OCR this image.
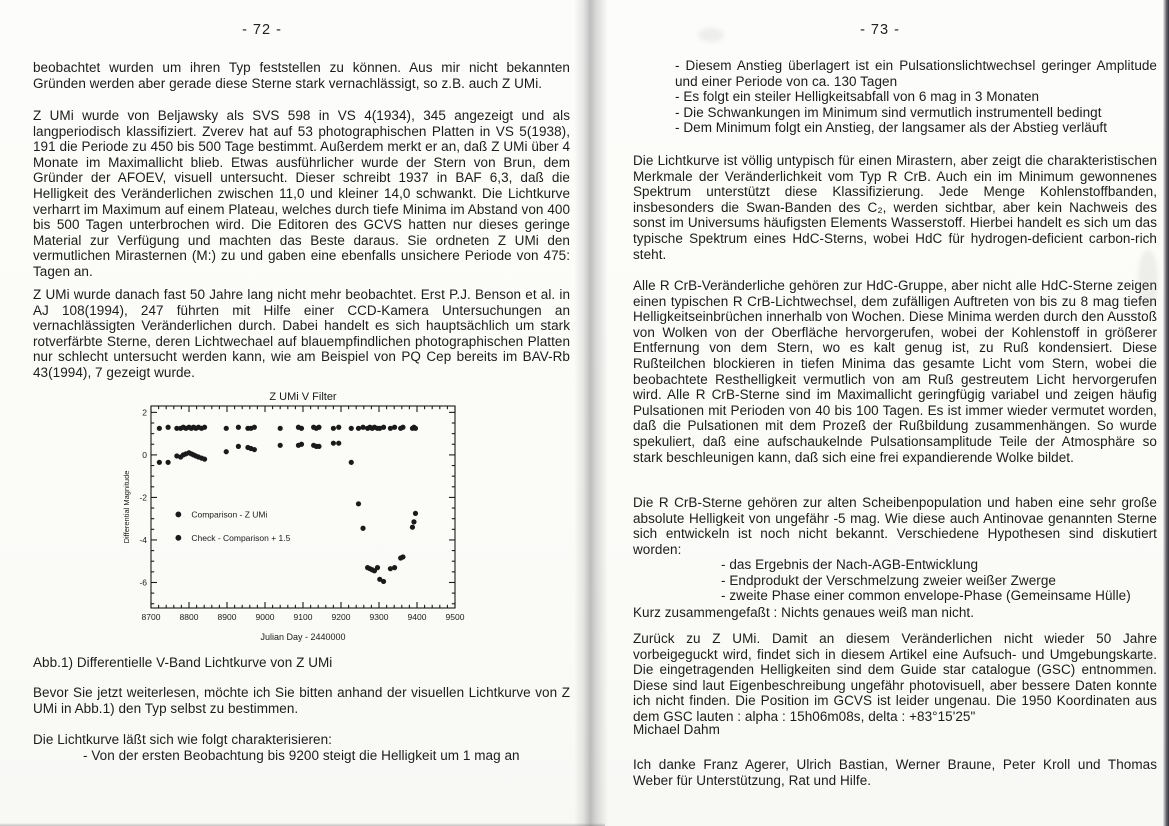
- 72 -
beobachtet wurden um ihren Typ feststellen zu können. Aus mir nicht bekannten Gründen werden aber gerade diese Sterne stark vernachlässigt, so z.B. auch Z UMi.
Z UMi wurde von Beljawsky als SVS 598 in VS 4(1934), 345 angezeigt und als langperiodisch klassifiziert. Zverev hat auf 53 photographischen Platten in VS 5(1938), 191 die Periode zu 450 bis 500 Tage bestimmt. Außerdem merkt er an, daß Z UMi über 4 Monate im Maximallicht blieb. Etwas ausführlicher wurde der Stern von Brun, dem Gründer der AFOEV, visuell untersucht. Dieser schreibt 1937 in BAF 6,3, daß die Helligkeit des Veränderlichen zwischen 11,0 und kleiner 14,0 schwankt. Die Lichtkurve verharrt im Maximum auf einem Plateau, welches durch tiefe Minima im Abstand von 400 bis 500 Tagen unterbrochen wird. Die Editoren des GCVS hatten nur dieses geringe Material zur Verfügung und machten das Beste daraus. Sie ordneten Z UMi den vermutlichen Mirasternen (M:) zu und gaben eine ebenfalls unsichere Periode von 475: Tagen an.
Z UMi wurde danach fast 50 Jahre lang nicht mehr beobachtet. Erst P.J. Benson et al. in AJ 108(1994), 247 führten mit Hilfe einer CCD-Kamera Untersuchungen an vernachlässigten Veränderlichen durch. Dabei handelt es sich hauptsächlich um stark rotverfärbte Sterne, deren Lichtwechael auf blauempfindlichen photographischen Platten nur schlecht untersucht werden kann, wie am Beispiel von PQ Cep bereits im BAV-Rb 43(1994), 7 gezeigt wurde.
8700 8800 8900 9000 9100 9200 9300 9400 9500
2
0
-2
-4
-6
Z UMi V Filter
Julian Day - 2440000
Differential Magnitude	Comparison - Z UMi
Check - Comparison + 1.5
Abb.1) Differentielle V-Band Lichtkurve von Z UMi
Bevor Sie jetzt weiterlesen, möchte ich Sie bitten anhand der visuellen Lichtkurve von Z UMi in Abb.1) den Typ selbst zu bestimmen.
Die Lichtkurve läßt sich wie folgt charakterisieren:
- Von der ersten Beobachtung bis 9200 steigt die Helligkeit um 1 mag an
- 73 -
- Diesem Anstieg überlagert ist ein Pulsationslichtwechsel geringer Amplitude und einer Periode von ca. 130 Tagen
- Es folgt ein steiler Helligkeitsabfall von 6 mag in 3 Monaten
- Die Schwankungen im Minimum sind vermutlich instrumentell bedingt
- Dem Minimum folgt ein Anstieg, der langsamer als der Abstieg verläuft
Die Lichtkurve ist völlig untypisch für einen Mirastern, aber zeigt die charakteristischen Merkmale der Veränderlichkeit vom Typ R CrB. Auch ein im Minimum gewonnenes Spektrum unterstützt diese Klassifizierung. Jede Menge Kohlenstoffbanden, insbesonders die Swan-Banden des C₂, werden sichtbar, aber kein Nachweis des sonst im Universums häufigsten Elements Wasserstoff. Hierbei handelt es sich um das typische Spektrum eines HdC-Sterns, wobei HdC für hydrogen-deficient carbon-rich steht.
Alle R CrB-Veränderliche gehören zur HdC-Gruppe, aber nicht alle HdC-Sterne zeigen einen typischen R CrB-Lichtwechsel, dem zufälligen Auftreten von bis zu 8 mag tiefen Helligkeitseinbrüchen innerhalb von Wochen. Diese Minima werden durch den Ausstoß von Wolken von der Oberfläche hervorgerufen, wobei der Kohlenstoff in größerer Entfernung von dem Stern, wo es kalt genug ist, zu Ruß kondensiert. Diese Rußteilchen blockieren in tiefen Minima das gesamte Licht vom Stern, wobei die beobachtete Resthelligkeit vermutlich von am Ruß gestreutem Licht hervorgerufen wird. Alle R CrB-Sterne sind im Maximallicht geringfügig variabel und zeigen häufig Pulsationen mit Perioden von 40 bis 100 Tagen. Es ist immer wieder vermutet worden, daß die Pulsationen mit dem Prozeß der Rußbildung zusammenhängen. So wurde spekuliert, daß eine aufschaukelnde Pulsationsamplitude Teile der Atmosphäre so stark beschleunigen kann, daß sich eine frei expandierende Wolke bildet.
Die R CrB-Sterne gehören zur alten Scheibenpopulation und haben eine sehr große absolute Helligkeit von ungefähr -5 mag. Wie diese auch Antinovae genannten Sterne sich entwickeln ist noch nicht bekannt. Verschiedene Hypothesen sind diskutiert worden:
- das Ergebnis der Nach-AGB-Entwicklung
- Endprodukt der Verschmelzung zweier weißer Zwerge
- zweite Phase einer common envelope-Phase (Gemeinsame Hülle)
Kurz zusammengefaßt : Nichts genaues weiß man nicht.
Zurück zu Z UMi. Damit an diesem Veränderlichen nicht wieder 50 Jahre vorbeigeguckt wird, findet sich in diesem Artikel eine Aufsuch- und Umgebungskarte. Die eingetragenden Helligkeiten sind dem Guide star catalogue (GSC) entnommen. Diese sind laut Eigenbeschreibung ungefähr photovisuell, aber bessere Daten konnte ich nicht finden. Die Position im GCVS ist leider ungenau. Die 1950 Koordinaten aus dem GSC lauten : alpha : 15h06m08s, delta : +83°15'25"
Michael Dahm
Ich danke Franz Agerer, Ulrich Bastian, Werner Braune, Peter Kroll und Thomas Weber für Unterstützung, Rat und Hilfe.
